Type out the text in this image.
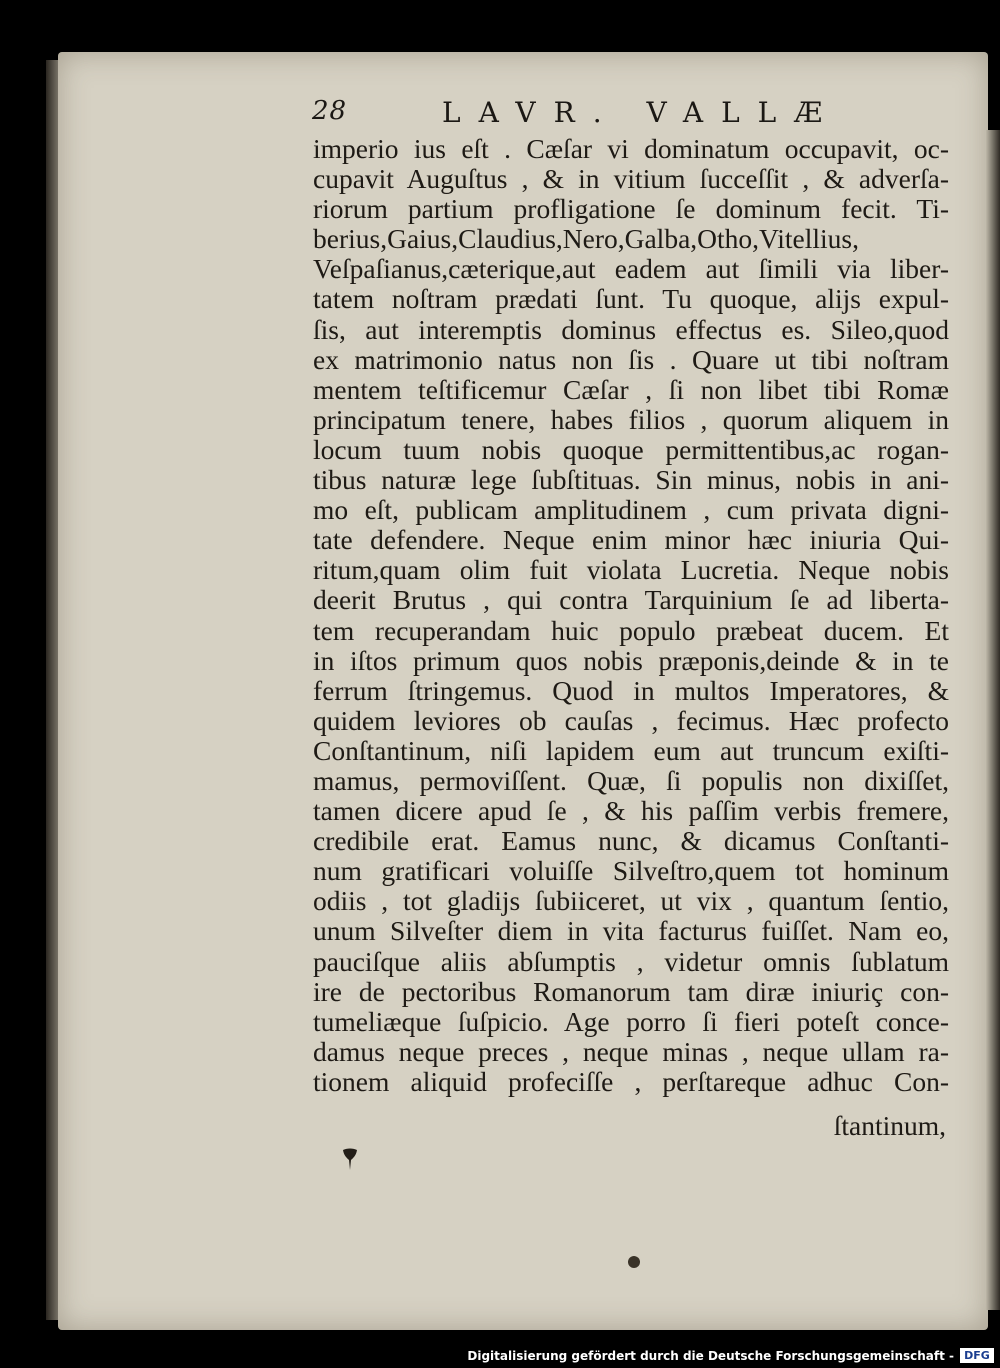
28	LAVR. VALLÆ
imperio ius eſt . Cæſar vi dominatum occupavit, oc-
cupavit Auguſtus , & in vitium ſucceſſit , & adverſa-
riorum partium profligatione ſe dominum fecit. Ti-
berius,Gaius,Claudius,Nero,Galba,Otho,Vitellius,
Veſpaſianus,cæterique,aut eadem aut ſimili via liber-
tatem noſtram prædati ſunt. Tu quoque, alijs expul-
ſis, aut interemptis dominus effectus es. Sileo,quod
ex matrimonio natus non ſis . Quare ut tibi noſtram
mentem teſtificemur Cæſar , ſi non libet tibi Romæ
principatum tenere, habes filios , quorum aliquem in
locum tuum nobis quoque permittentibus,ac rogan-
tibus naturæ lege ſubſtituas. Sin minus, nobis in ani-
mo eſt, publicam amplitudinem , cum privata digni-
tate defendere. Neque enim minor hæc iniuria Qui-
ritum,quam olim fuit violata Lucretia. Neque nobis
deerit Brutus , qui contra Tarquinium ſe ad liberta-
tem recuperandam huic populo præbeat ducem. Et
in iſtos primum quos nobis præponis,deinde & in te
ferrum ſtringemus. Quod in multos Imperatores, &
quidem leviores ob cauſas , fecimus. Hæc profecto
Conſtantinum, niſi lapidem eum aut truncum exiſti-
mamus, permoviſſent. Quæ, ſi populis non dixiſſet,
tamen dicere apud ſe , & his paſſim verbis fremere,
credibile erat. Eamus nunc, & dicamus Conſtanti-
num gratificari voluiſſe Silveſtro,quem tot hominum
odiis , tot gladijs ſubiiceret, ut vix , quantum ſentio,
unum Silveſter diem in vita facturus fuiſſet. Nam eo,
pauciſque aliis abſumptis , videtur omnis ſublatum
ire de pectoribus Romanorum tam diræ iniuriç con-
tumeliæque ſuſpicio. Age porro ſi fieri poteſt conce-
damus neque preces , neque minas , neque ullam ra-
tionem aliquid profeciſſe , perſtareque adhuc Con-
ſtantinum,
Digitalisierung gefördert durch die Deutsche Forschungsgemeinschaft - DFG
